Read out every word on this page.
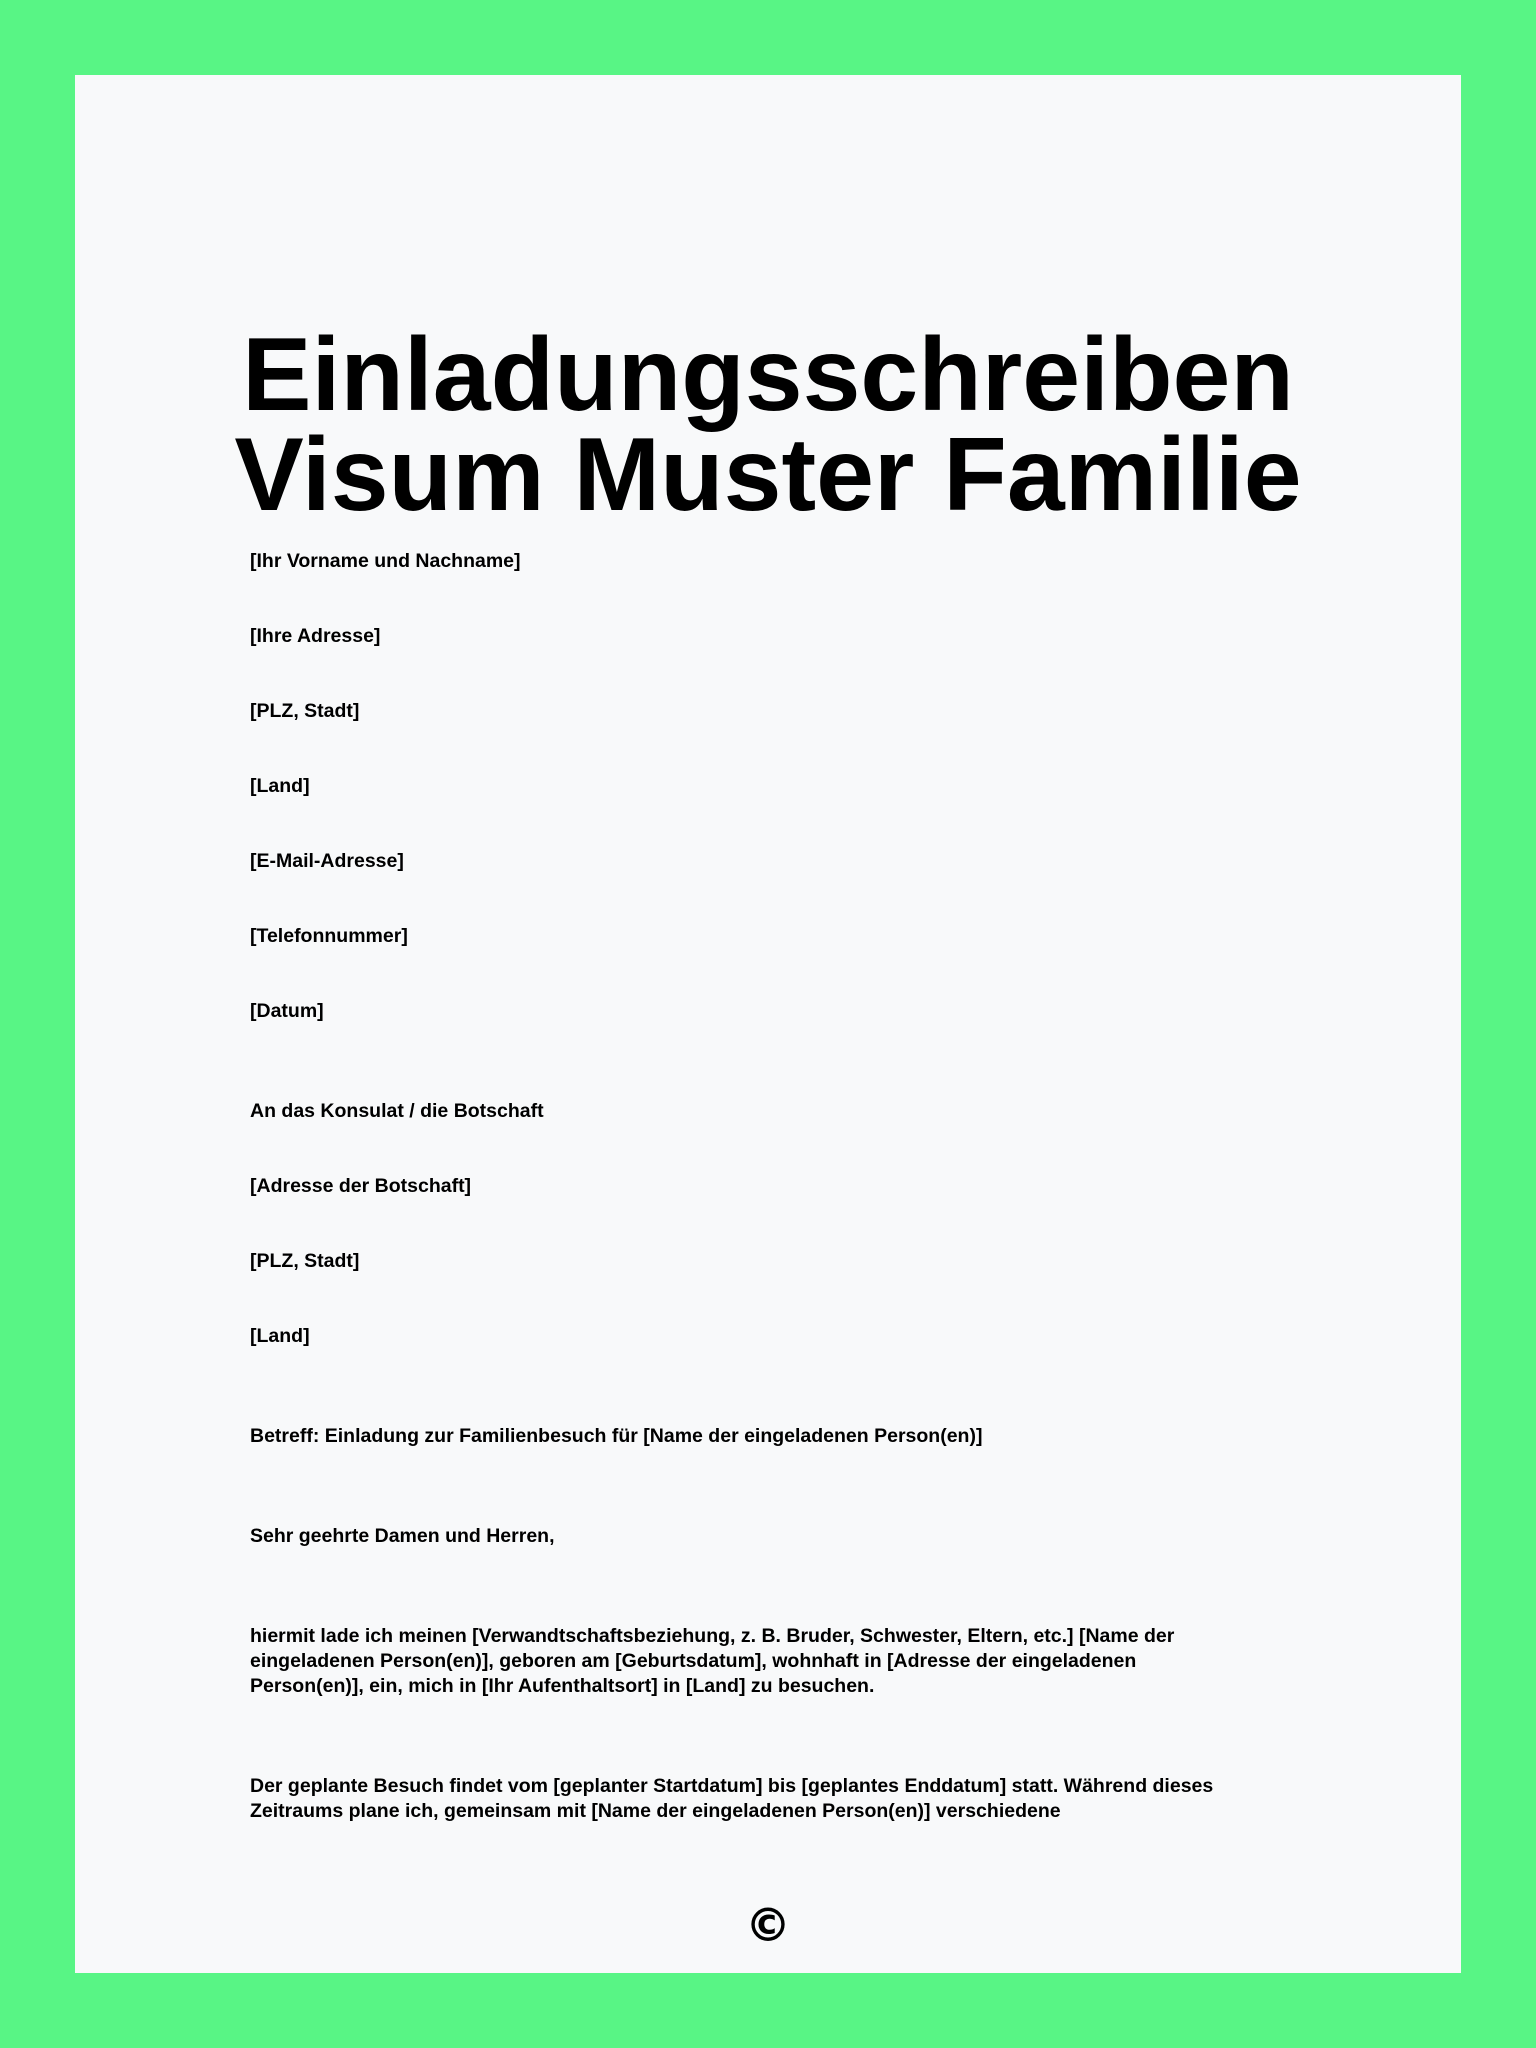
Einladungsschreiben Visum Muster Familie

[Ihr Vorname und Nachname]

[Ihre Adresse]

[PLZ, Stadt]

[Land]

[E-Mail-Adresse]

[Telefonnummer]

[Datum]

An das Konsulat / die Botschaft

[Adresse der Botschaft]

[PLZ, Stadt]

[Land]

Betreff: Einladung zur Familienbesuch für [Name der eingeladenen Person(en)]

Sehr geehrte Damen und Herren,

hiermit lade ich meinen [Verwandtschaftsbeziehung, z. B. Bruder, Schwester, Eltern, etc.] [Name der
eingeladenen Person(en)], geboren am [Geburtsdatum], wohnhaft in [Adresse der eingeladenen
Person(en)], ein, mich in [Ihr Aufenthaltsort] in [Land] zu besuchen.

Der geplante Besuch findet vom [geplanter Startdatum] bis [geplantes Enddatum] statt. Während dieses
Zeitraums plane ich, gemeinsam mit [Name der eingeladenen Person(en)] verschiedene

©
